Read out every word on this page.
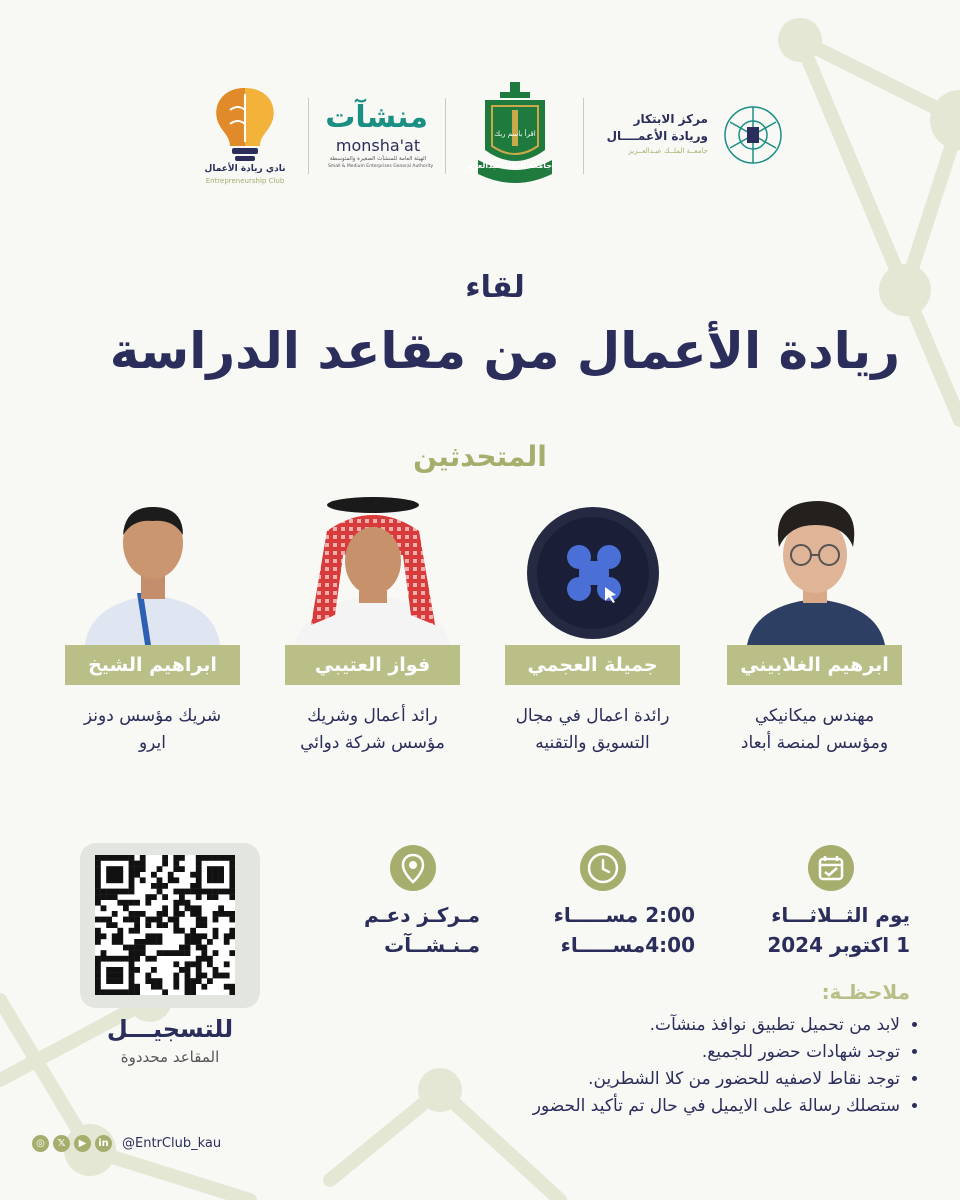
نادي ريادة الأعمال
Entrepreneurship Club
منشآت
monsha'at
الهيئة العامة للمنشآت الصغيرة والمتوسطة
Small & Medium Enterprises General Authority	جامعة الملك عبدالعزيز
اقرأ باسم ربك
مركز الابتكار
وريادة الأعمــــال
جامعــة الملــك عبـدالعــزيز
لقاء
ريادة الأعمال من مقاعد الدراسة
المتحدثين
ابراهيم الشيخ
شريك مؤسس دونز
ايرو
فواز العتيبي
رائد أعمال وشريك
مؤسس شركة دوائي
جميلة العجمي
رائدة اعمال في مجال
التسويق والتقنيه
ابرهيم الغلابيني
مهندس ميكانيكي
ومؤسس لمنصة أبعاد
يوم الثــلاثـــاء
1 اكتوبر 2024
2:00 مســـــاء
4:00مســـــاء
مـركـز دعـم
مـنـشــآت
ملاحظـة:
• لابد من تحميل تطبيق نوافذ منشآت.
• توجد شهادات حضور للجميع.
• توجد نقاط لاصفيه للحضور من كلا الشطرين.
• ستصلك رسالة على الايميل في حال تم تأكيد الحضور
للتسجيـــل
المقاعد محددوة
◎	𝕏	▶	in @EntrClub_kau
